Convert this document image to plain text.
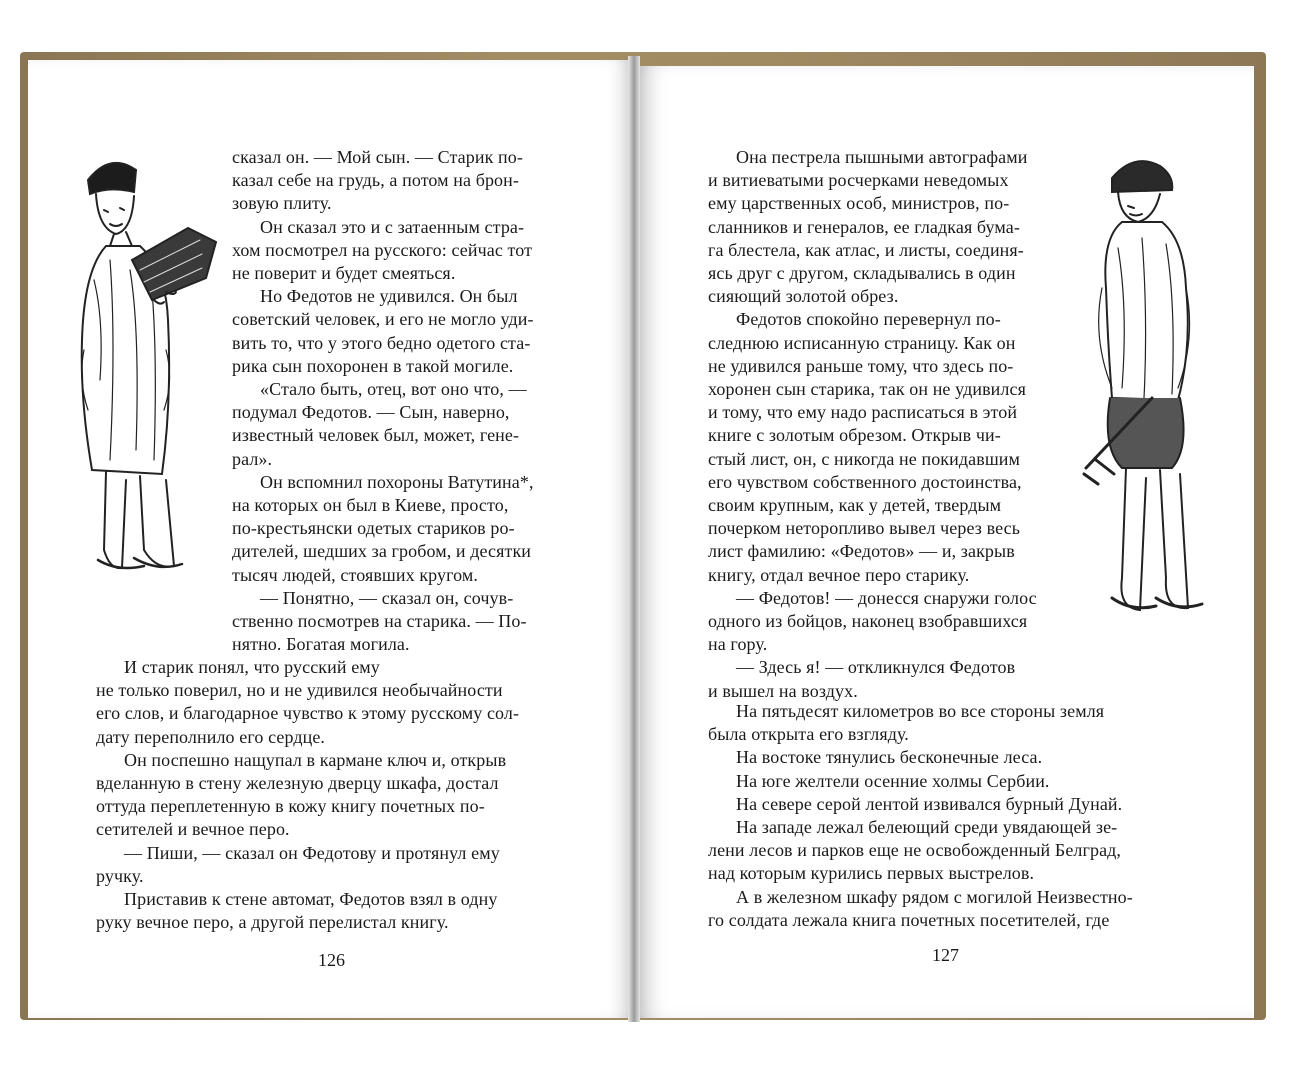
сказал он. — Мой сын. — Старик по-

казал себе на грудь, а потом на брон-

зовую плиту.

Он сказал это и с затаенным стра-

хом посмотрел на русского: сейчас тот

не поверит и будет смеяться.

Но Федотов не удивился. Он был

советский человек, и его не могло уди-

вить то, что у этого бедно одетого ста-

рика сын похоронен в такой могиле.

«Стало быть, отец, вот оно что, —

подумал Федотов. — Сын, наверно,

известный человек был, может, гене-

рал».

Он вспомнил похороны Ватутина*,

на которых он был в Киеве, просто,

по-крестьянски одетых стариков ро-

дителей, шедших за гробом, и десятки

тысяч людей, стоявших кругом.

— Понятно, — сказал он, сочув-

ственно посмотрев на старика. — По-

нятно. Богатая могила.

И старик понял, что русский ему

не только поверил, но и не удивился необычайности

его слов, и благодарное чувство к этому русскому сол-

дату переполнило его сердце.

Он поспешно нащупал в кармане ключ и, открыв

вделанную в стену железную дверцу шкафа, достал

оттуда переплетенную в кожу книгу почетных по-

сетителей и вечное перо.

— Пиши, — сказал он Федотову и протянул ему

ручку.

Приставив к стене автомат, Федотов взял в одну

руку вечное перо, а другой перелистал книгу.

Она пестрела пышными автографами

и витиеватыми росчерками неведомых

ему царственных особ, министров, по-

сланников и генералов, ее гладкая бума-

га блестела, как атлас, и листы, соединя-

ясь друг с другом, складывались в один

сияющий золотой обрез.

Федотов спокойно перевернул по-

следнюю исписанную страницу. Как он

не удивился раньше тому, что здесь по-

хоронен сын старика, так он не удивился

и тому, что ему надо расписаться в этой

книге с золотым обрезом. Открыв чи-

стый лист, он, с никогда не покидавшим

его чувством собственного достоинства,

своим крупным, как у детей, твердым

почерком неторопливо вывел через весь

лист фамилию: «Федотов» — и, закрыв

книгу, отдал вечное перо старику.

— Федотов! — донесся снаружи голос

одного из бойцов, наконец взобравшихся

на гору.

— Здесь я! — откликнулся Федотов

и вышел на воздух.

На пятьдесят километров во все стороны земля

была открыта его взгляду.

На востоке тянулись бесконечные леса.

На юге желтели осенние холмы Сербии.

На севере серой лентой извивался бурный Дунай.

На западе лежал белеющий среди увядающей зе-

лени лесов и парков еще не освобожденный Белград,

над которым курились первых выстрелов.

А в железном шкафу рядом с могилой Неизвестно-

го солдата лежала книга почетных посетителей, где

126	127
